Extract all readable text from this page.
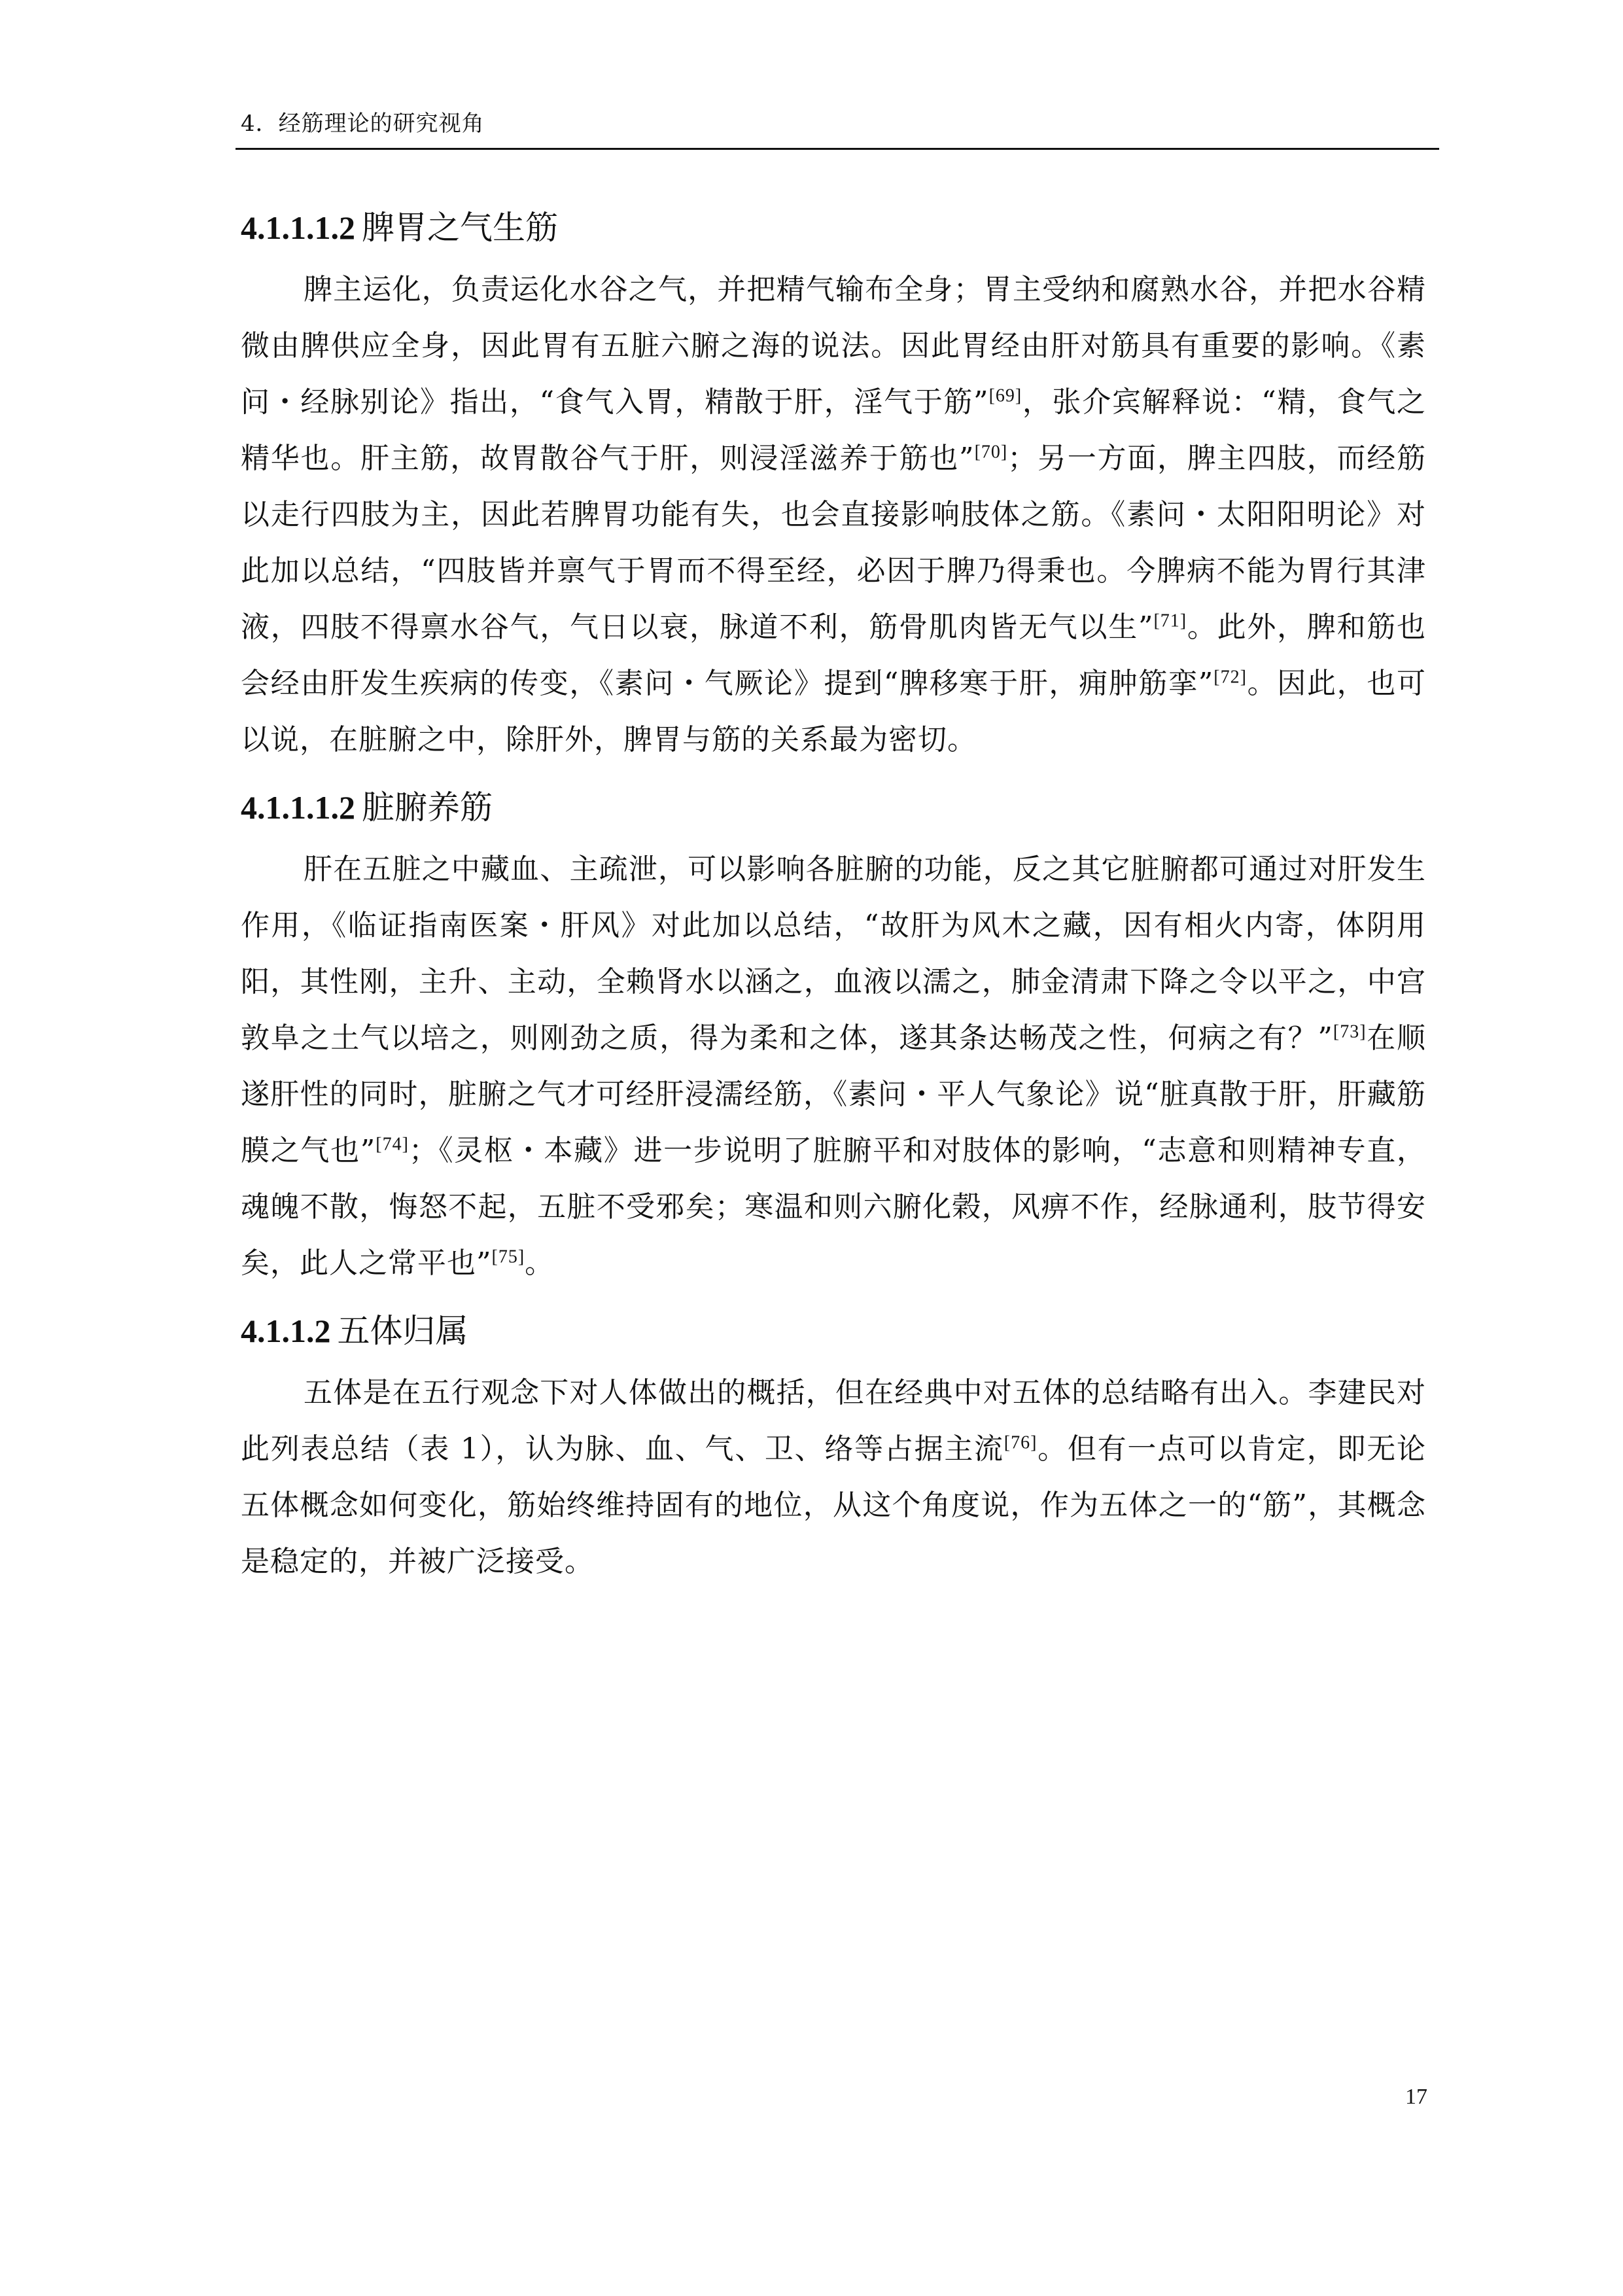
4．经筋理论的研究视角
4.1.1.1.2 脾胃之气生筋

脾主运化，负责运化水谷之气，并把精气输布全身；胃主受纳和腐熟水谷，并把水谷精微由脾供应全身，因此胃有五脏六腑之海的说法。因此胃经由肝对筋具有重要的影响。《素问・经脉别论》指出，“食气入胃，精散于肝，淫气于筋”[69]，张介宾解释说：“精，食气之精华也。肝主筋，故胃散谷气于肝，则浸淫滋养于筋也”[70]；另一方面，脾主四肢，而经筋以走行四肢为主，因此若脾胃功能有失，也会直接影响肢体之筋。《素问・太阳阳明论》对此加以总结，“四肢皆并禀气于胃而不得至经，必因于脾乃得秉也。今脾病不能为胃行其津液，四肢不得禀水谷气，气日以衰，脉道不利，筋骨肌肉皆无气以生”[71]。此外，脾和筋也会经由肝发生疾病的传变，《素问・气厥论》提到“脾移寒于肝，痈肿筋挛”[72]。因此，也可以说，在脏腑之中，除肝外，脾胃与筋的关系最为密切。

4.1.1.1.2 脏腑养筋

肝在五脏之中藏血、主疏泄，可以影响各脏腑的功能，反之其它脏腑都可通过对肝发生作用，《临证指南医案・肝风》对此加以总结，“故肝为风木之藏，因有相火内寄，体阴用阳，其性刚，主升、主动，全赖肾水以涵之，血液以濡之，肺金清肃下降之令以平之，中宫敦阜之土气以培之，则刚劲之质，得为柔和之体，遂其条达畅茂之性，何病之有？”[73]在顺遂肝性的同时，脏腑之气才可经肝浸濡经筋，《素问・平人气象论》说“脏真散于肝，肝藏筋膜之气也”[74]；《灵枢・本藏》进一步说明了脏腑平和对肢体的影响，“志意和则精神专直，魂魄不散，悔怒不起，五脏不受邪矣；寒温和则六腑化榖，风痹不作，经脉通利，肢节得安矣，此人之常平也”[75]。

4.1.1.2 五体归属

五体是在五行观念下对人体做出的概括，但在经典中对五体的总结略有出入。李建民对此列表总结（表 1），认为脉、血、气、卫、络等占据主流[76]。但有一点可以肯定，即无论五体概念如何变化，筋始终维持固有的地位，从这个角度说，作为五体之一的“筋”，其概念是稳定的，并被广泛接受。

17
